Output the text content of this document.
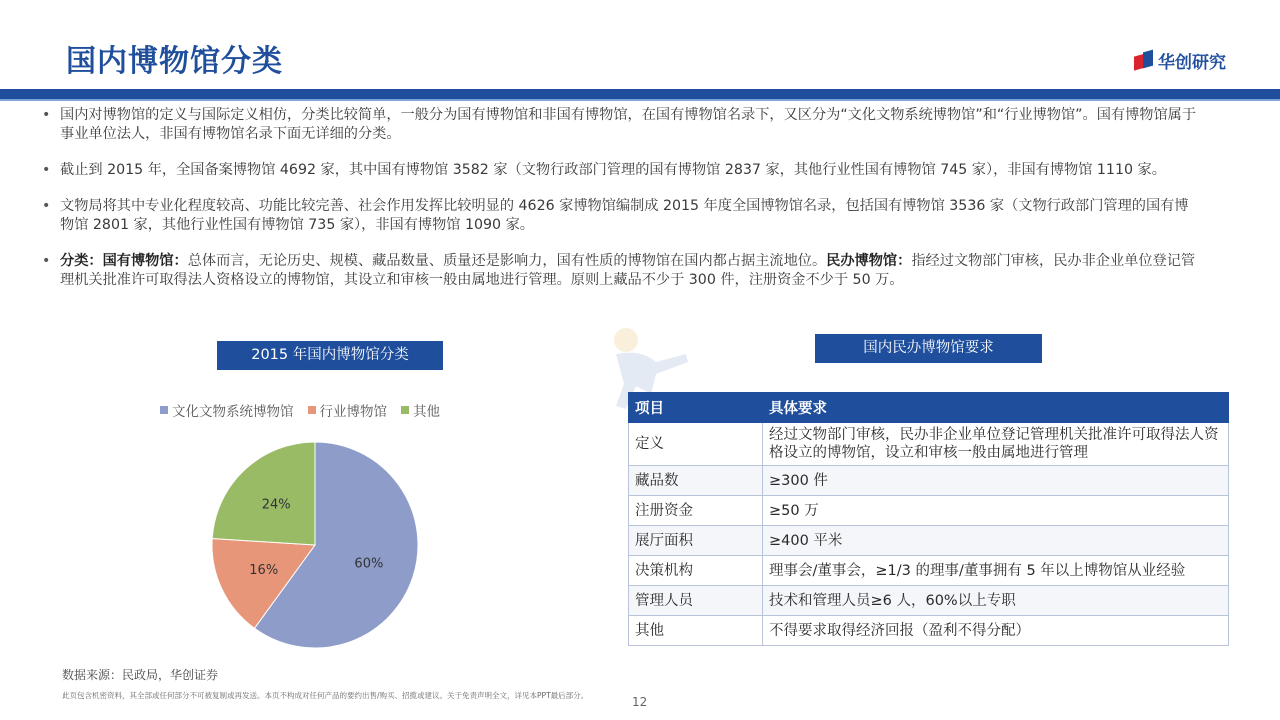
国内博物馆分类	华创研究
• 国内对博物馆的定义与国际定义相仿，分类比较简单，一般分为国有博物馆和非国有博物馆，在国有博物馆名录下，又区分为“文化文物系统博物馆”和“行业博物馆”。国有博物馆属于事业单位法人，非国有博物馆名录下面无详细的分类。
• 截止到 2015 年，全国备案博物馆 4692 家，其中国有博物馆 3582 家（文物行政部门管理的国有博物馆 2837 家，其他行业性国有博物馆 745 家），非国有博物馆 1110 家。
• 文物局将其中专业化程度较高、功能比较完善、社会作用发挥比较明显的 4626 家博物馆编制成 2015 年度全国博物馆名录，包括国有博物馆 3536 家（文物行政部门管理的国有博物馆 2801 家，其他行业性国有博物馆 735 家），非国有博物馆 1090 家。
• 分类：国有博物馆：总体而言，无论历史、规模、藏品数量、质量还是影响力，国有性质的博物馆在国内都占据主流地位。民办博物馆：指经过文物部门审核，民办非企业单位登记管理机关批准许可取得法人资格设立的博物馆，其设立和审核一般由属地进行管理。原则上藏品不少于 300 件，注册资金不少于 50 万。
2015 年国内博物馆分类	国内民办博物馆要求
文化文物系统博物馆 行业博物馆 其他
60%
16%
24%
项目	具体要求
定义	经过文物部门审核，民办非企业单位登记管理机关批准许可取得法人资格设立的博物馆，设立和审核一般由属地进行管理
藏品数	≥300 件
注册资金	≥50 万
展厅面积	≥400 平米
决策机构	理事会/董事会，≥1/3 的理事/董事拥有 5 年以上博物馆从业经验
管理人员	技术和管理人员≥6 人，60%以上专职
其他	不得要求取得经济回报（盈利不得分配）
数据来源：民政局，华创证券
此页包含机密资料，其全部或任何部分不可被复制或再发送。本页不构成对任何产品的要约出售/购买、招揽或建议。关于免责声明全文，详见本PPT最后部分。	12
